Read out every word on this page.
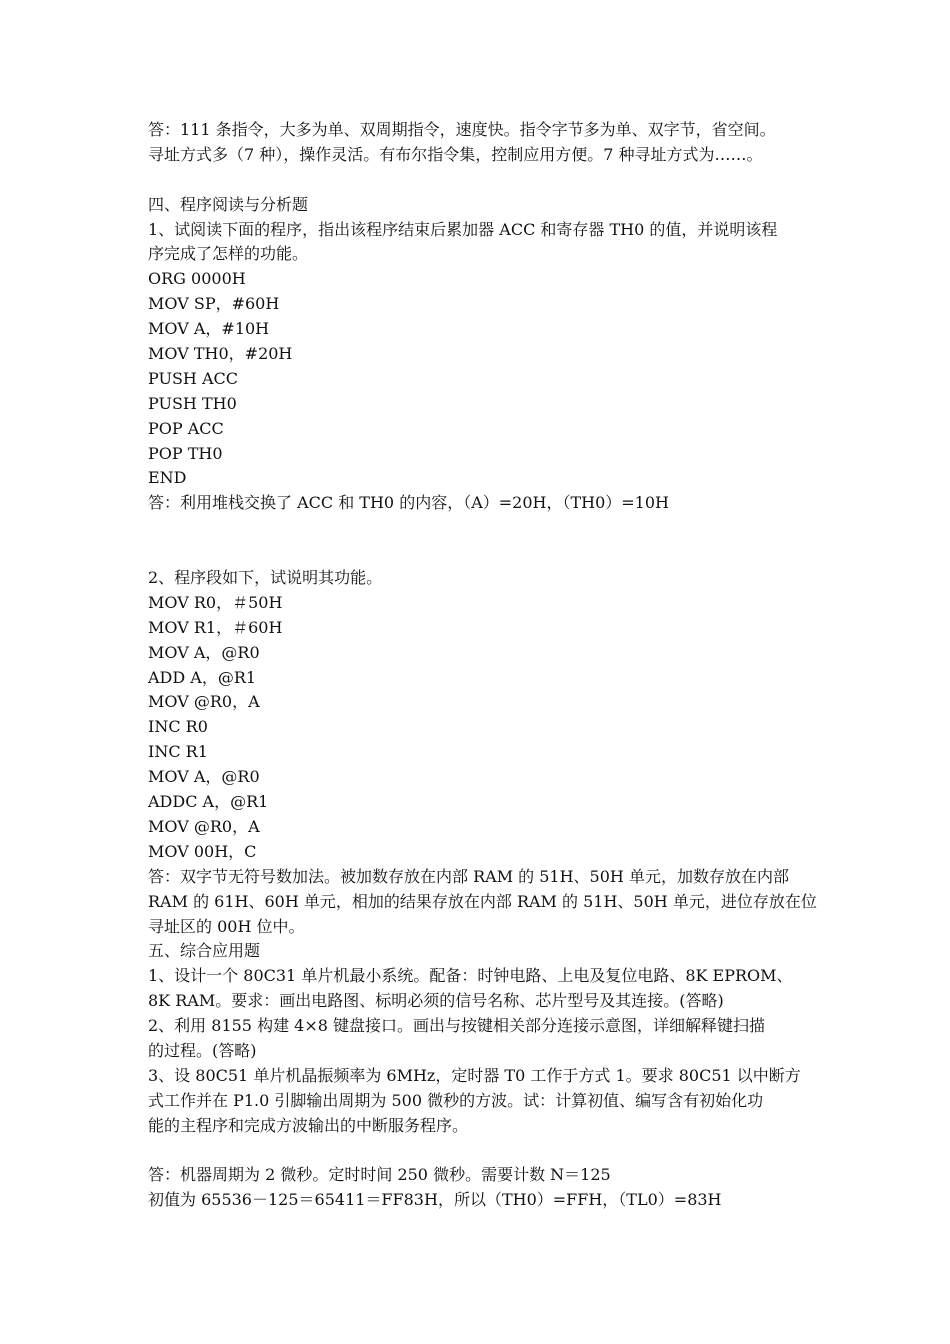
答：111 条指令，大多为单、双周期指令，速度快。指令字节多为单、双字节，省空间。
寻址方式多（7 种），操作灵活。有布尔指令集，控制应用方便。7 种寻址方式为……。
四、程序阅读与分析题
1、试阅读下面的程序，指出该程序结束后累加器 ACC 和寄存器 TH0 的值，并说明该程
序完成了怎样的功能。
ORG 0000H
MOV SP，#60H
MOV A，#10H
MOV TH0，#20H
PUSH ACC
PUSH TH0
POP ACC
POP TH0
END
答：利用堆栈交换了 ACC 和 TH0 的内容，（A）=20H，（TH0）=10H
2、程序段如下，试说明其功能。
MOV R0，＃50H
MOV R1，＃60H
MOV A，@R0
ADD A，@R1
MOV @R0，A
INC R0
INC R1
MOV A，@R0
ADDC A，@R1
MOV @R0，A
MOV 00H，C
答：双字节无符号数加法。被加数存放在内部 RAM 的 51H、50H 单元，加数存放在内部
RAM 的 61H、60H 单元，相加的结果存放在内部 RAM 的 51H、50H 单元，进位存放在位
寻址区的 00H 位中。
五、综合应用题
1、设计一个 80C31 单片机最小系统。配备：时钟电路、上电及复位电路、8K EPROM、
8K RAM。要求：画出电路图、标明必须的信号名称、芯片型号及其连接。(答略)
2、利用 8155 构建 4×8 键盘接口。画出与按键相关部分连接示意图，详细解释键扫描
的过程。(答略)
3、设 80C51 单片机晶振频率为 6MHz，定时器 T0 工作于方式 1。要求 80C51 以中断方
式工作并在 P1.0 引脚输出周期为 500 微秒的方波。试：计算初值、编写含有初始化功
能的主程序和完成方波输出的中断服务程序。
答：机器周期为 2 微秒。定时时间 250 微秒。需要计数 N＝125
初值为 65536－125＝65411＝FF83H，所以（TH0）=FFH，（TL0）=83H
